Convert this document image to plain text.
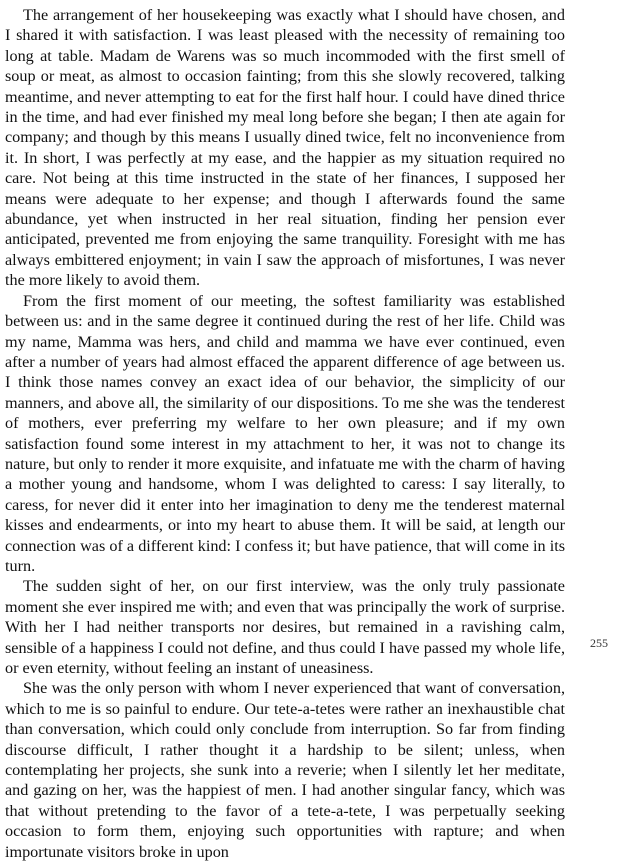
The arrangement of her housekeeping was exactly what I should have chosen, and I shared it with satisfaction. I was least pleased with the necessity of remaining too long at table. Madam de Warens was so much incommoded with the first smell of soup or meat, as almost to occasion fainting; from this she slowly recovered, talking meantime, and never attempting to eat for the first half hour. I could have dined thrice in the time, and had ever finished my meal long before she began; I then ate again for company; and though by this means I usually dined twice, felt no inconvenience from it. In short, I was perfectly at my ease, and the happier as my situation required no care. Not being at this time instructed in the state of her finances, I supposed her means were adequate to her expense; and though I afterwards found the same abundance, yet when instructed in her real situation, finding her pension ever anticipated, prevented me from enjoying the same tranquility. Foresight with me has always embittered enjoyment; in vain I saw the approach of misfortunes, I was never the more likely to avoid them.

From the first moment of our meeting, the softest familiarity was established between us: and in the same degree it continued during the rest of her life. Child was my name, Mamma was hers, and child and mamma we have ever continued, even after a number of years had almost effaced the apparent difference of age between us. I think those names convey an exact idea of our behavior, the simplicity of our manners, and above all, the similarity of our dispositions. To me she was the tenderest of mothers, ever preferring my welfare to her own pleasure; and if my own satisfaction found some interest in my attachment to her, it was not to change its nature, but only to render it more exquisite, and infatuate me with the charm of having a mother young and handsome, whom I was delighted to caress: I say literally, to caress, for never did it enter into her imagination to deny me the tenderest maternal kisses and endearments, or into my heart to abuse them. It will be said, at length our connection was of a different kind: I confess it; but have patience, that will come in its turn.

The sudden sight of her, on our first interview, was the only truly passionate moment she ever inspired me with; and even that was principally the work of surprise. With her I had neither transports nor desires, but remained in a ravishing calm, sensible of a happiness I could not define, and thus could I have passed my whole life, or even eternity, without feeling an instant of uneasiness.

She was the only person with whom I never experienced that want of conversation, which to me is so painful to endure. Our tete-a-tetes were rather an inexhaustible chat than conversation, which could only conclude from interruption. So far from finding discourse difficult, I rather thought it a hardship to be silent; unless, when contemplating her projects, she sunk into a reverie; when I silently let her meditate, and gazing on her, was the happiest of men. I had another singular fancy, which was that without pretending to the favor of a tete-a-tete, I was perpetually seeking occasion to form them, enjoying such opportunities with rapture; and when importunate visitors broke in upon

255
